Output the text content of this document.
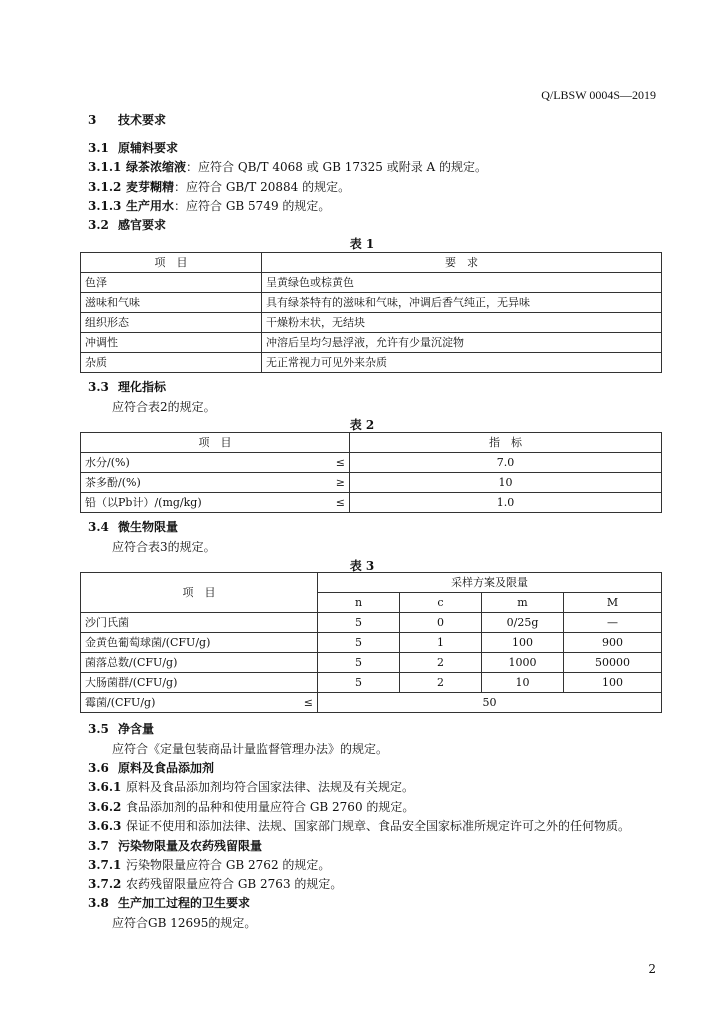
Q/LBSW 0004S—2019
3 技术要求
3.1 原辅料要求
3.1.1 绿茶浓缩液：应符合 QB/T 4068 或 GB 17325 或附录 A 的规定。
3.1.2 麦芽糊精：应符合 GB/T 20884 的规定。
3.1.3 生产用水：应符合 GB 5749 的规定。
3.2 感官要求
表 1
项　目	要　求
色泽	呈黄绿色或棕黄色
滋味和气味	具有绿茶特有的滋味和气味，冲调后香气纯正，无异味
组织形态	干燥粉末状，无结块
冲调性	冲溶后呈均匀悬浮液，允许有少量沉淀物
杂质	无正常视力可见外来杂质
3.3 理化指标
应符合表2的规定。
表 2
项　目	指　标
水分/(%) ≤	7.0
茶多酚/(%) ≥	10
铅（以Pb计）/(mg/kg) ≤	1.0
3.4 微生物限量
应符合表3的规定。
表 3
项　目	采样方案及限量			
	n	c	m	M
沙门氏菌	5	0	0/25g	—
金黄色葡萄球菌/(CFU/g)	5	1	100	900
菌落总数/(CFU/g)	5	2	1000	50000
大肠菌群/(CFU/g)	5	2	10	100
霉菌/(CFU/g) ≤	50			
3.5 净含量
应符合《定量包装商品计量监督管理办法》的规定。
3.6 原料及食品添加剂
3.6.1 原料及食品添加剂均符合国家法律、法规及有关规定。
3.6.2 食品添加剂的品种和使用量应符合 GB 2760 的规定。
3.6.3 保证不使用和添加法律、法规、国家部门规章、食品安全国家标准所规定许可之外的任何物质。
3.7 污染物限量及农药残留限量
3.7.1 污染物限量应符合 GB 2762 的规定。
3.7.2 农药残留限量应符合 GB 2763 的规定。
3.8 生产加工过程的卫生要求
应符合GB 12695的规定。
2
